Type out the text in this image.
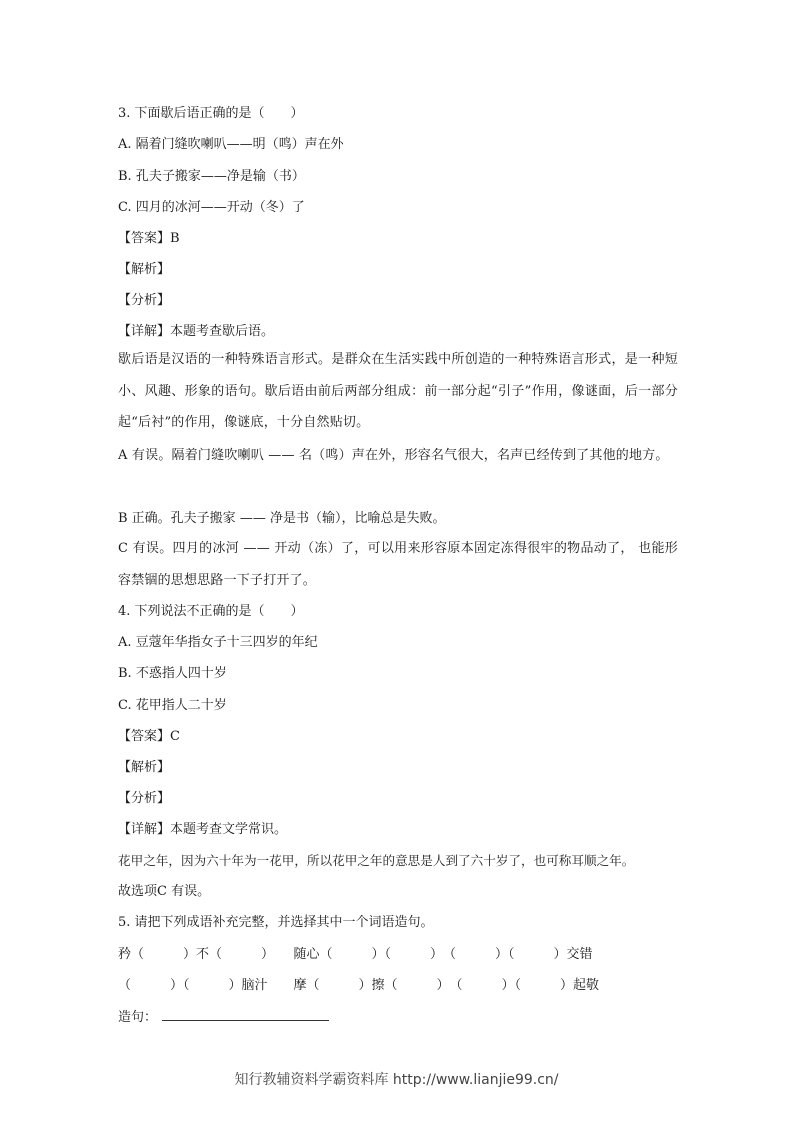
3. 下面歇后语正确的是（　　）
A. 隔着门缝吹喇叭——明（鸣）声在外
B. 孔夫子搬家——净是输（书）
C. 四月的冰河——开动（冬）了
【答案】B
【解析】
【分析】
【详解】本题考查歇后语。
歇后语是汉语的一种特殊语言形式。是群众在生活实践中所创造的一种特殊语言形式，是一种短小、风趣、形象的语句。歇后语由前后两部分组成：前一部分起“引子”作用，像谜面，后一部分起“后衬”的作用，像谜底，十分自然贴切。
A 有误。隔着门缝吹喇叭 —— 名（鸣）声在外，形容名气很大，名声已经传到了其他的地方。
B 正确。孔夫子搬家 —— 净是书（输），比喻总是失败。
C 有误。四月的冰河 —— 开动（冻）了，可以用来形容原本固定冻得很牢的物品动了， 也能形容禁锢的思想思路一下子打开了。
4. 下列说法不正确的是（　　）
A. 豆蔻年华指女子十三四岁的年纪
B. 不惑指人四十岁
C. 花甲指人二十岁
【答案】C
【解析】
【分析】
【详解】本题考查文学常识。
花甲之年，因为六十年为一花甲，所以花甲之年的意思是人到了六十岁了，也可称耳顺之年。
故选项C 有误。
5. 请把下列成语补充完整，并选择其中一个词语造句。
矜（　　　）不（　　　）　　随心（　　　）（　　　）　（　　　）（　　　）交错
（　　　）（　　　）脑汁　　摩（　　　）擦（　　　）　（　　　）（　　　）起敬
造句：
知行教辅资料学霸资料库 http://www.lianjie99.cn/
